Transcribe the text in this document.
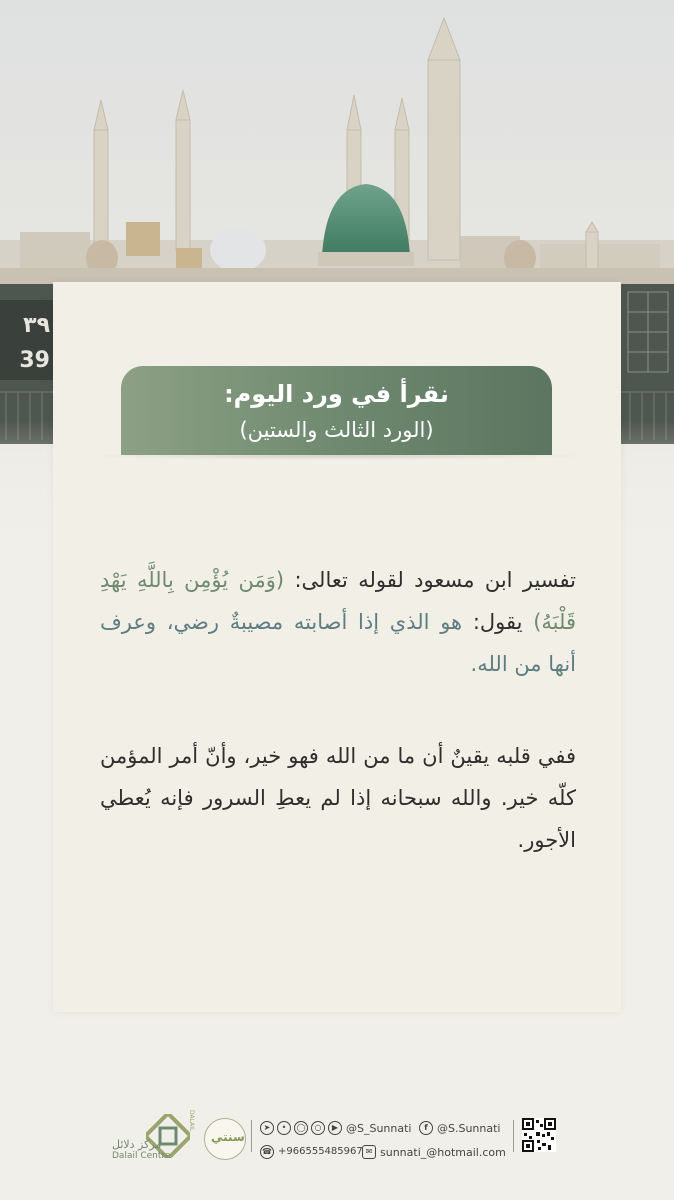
٣٩
39
نقرأ في ورد اليوم:
(الورد الثالث والستين)
تفسير ابن مسعود لقوله تعالى: (وَمَن يُؤْمِن بِاللَّهِ يَهْدِ قَلْبَهُ) يقول: هو الذي إذا أصابته مصيبةٌ رضي، وعرف أنها من الله.
ففي قلبه يقينٌ أن ما من الله فهو خير، وأنّ أمر المؤمن كلّه خير. والله سبحانه إذا لم يعطِ السرور فإنه يُعطي الأجور.
مركز دلائل
Dalail Centre
DALAIL
سنتي
➤	•	◯	○	▶ @S_Sunnati	f @S.Sunnati
☎ +966555485967 ✉ sunnati_@hotmail.com
